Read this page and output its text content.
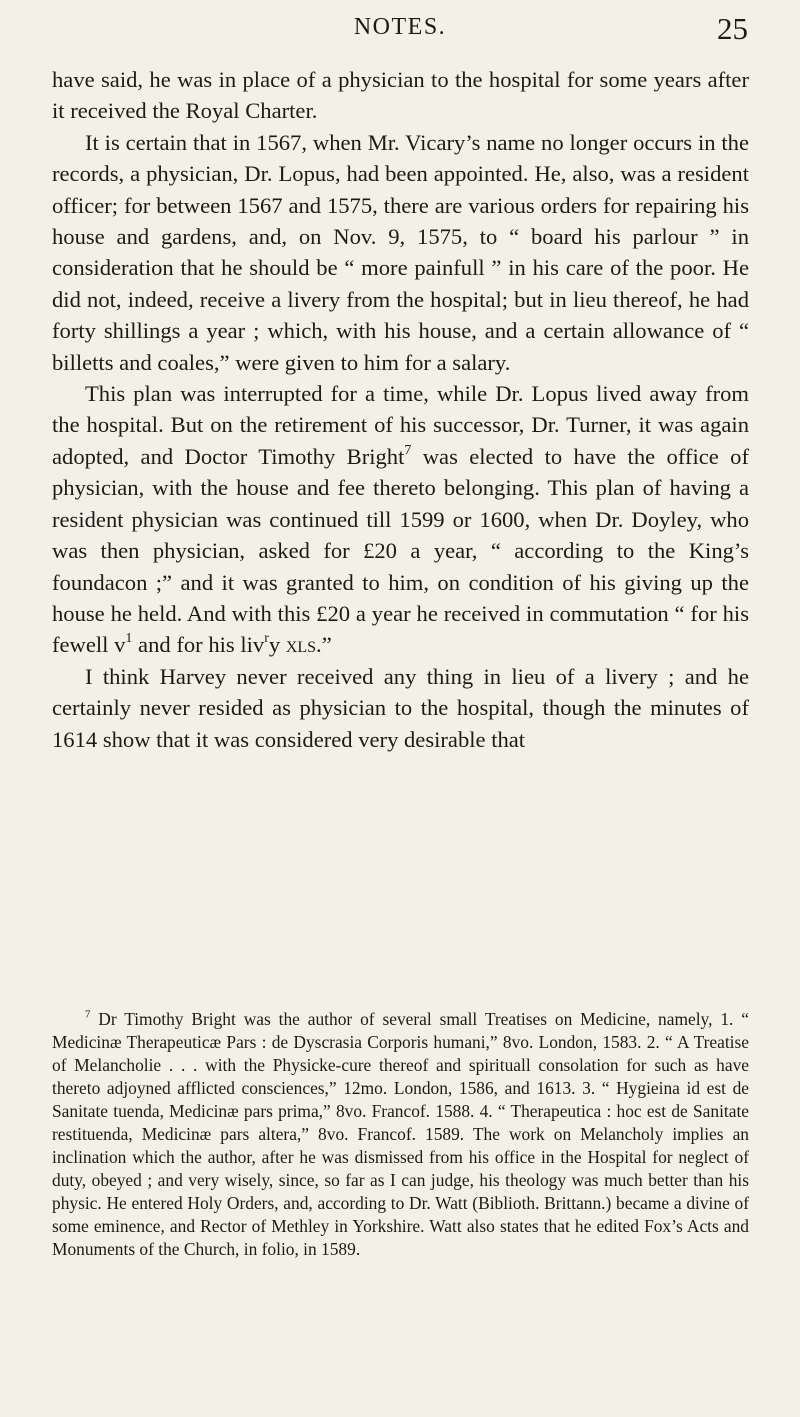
NOTES.	25

have said, he was in place of a physician to the hospital for some years after it received the Royal Charter.

It is certain that in 1567, when Mr. Vicary’s name no longer occurs in the records, a physician, Dr. Lopus, had been appointed. He, also, was a resident officer; for between 1567 and 1575, there are various orders for repairing his house and gardens, and, on Nov. 9, 1575, to “ board his parlour ” in consideration that he should be “ more painfull ” in his care of the poor. He did not, indeed, receive a livery from the hospital; but in lieu thereof, he had forty shillings a year ; which, with his house, and a certain allowance of “ billetts and coales,” were given to him for a salary.

This plan was interrupted for a time, while Dr. Lopus lived away from the hospital. But on the retirement of his successor, Dr. Turner, it was again adopted, and Doctor Timothy Bright$^7$ was elected to have the office of physician, with the house and fee thereto belonging. This plan of having a resident physician was continued till 1599 or 1600, when Dr. Doyley, who was then physician, asked for £20 a year, “ according to the King’s foundacon ;” and it was granted to him, on condition of his giving up the house he held. And with this £20 a year he received in commutation “ for his fewell $v^1$ and for his liv$^r$y xls.”

I think Harvey never received any thing in lieu of a livery ; and he certainly never resided as physician to the hospital, though the minutes of 1614 show that it was considered very desirable that

$^7$ Dr Timothy Bright was the author of several small Treatises on Medicine, namely, 1. “ Medicinæ Therapeuticæ Pars : de Dyscrasia Corporis humani,” 8vo. London, 1583. 2. “ A Treatise of Melancholie . . . with the Physicke-cure thereof and spirituall consolation for such as have thereto adjoyned afflicted consciences,” 12mo. London, 1586, and 1613. 3. “ Hygieina id est de Sanitate tuenda, Medicinæ pars prima,” 8vo. Francof. 1588. 4. “ Therapeutica : hoc est de Sanitate restituenda, Medicinæ pars altera,” 8vo. Francof. 1589. The work on Melancholy implies an inclination which the author, after he was dismissed from his office in the Hospital for neglect of duty, obeyed ; and very wisely, since, so far as I can judge, his theology was much better than his physic. He entered Holy Orders, and, according to Dr. Watt (Biblioth. Brittann.) became a divine of some eminence, and Rector of Methley in Yorkshire. Watt also states that he edited Fox’s Acts and Monuments of the Church, in folio, in 1589.
